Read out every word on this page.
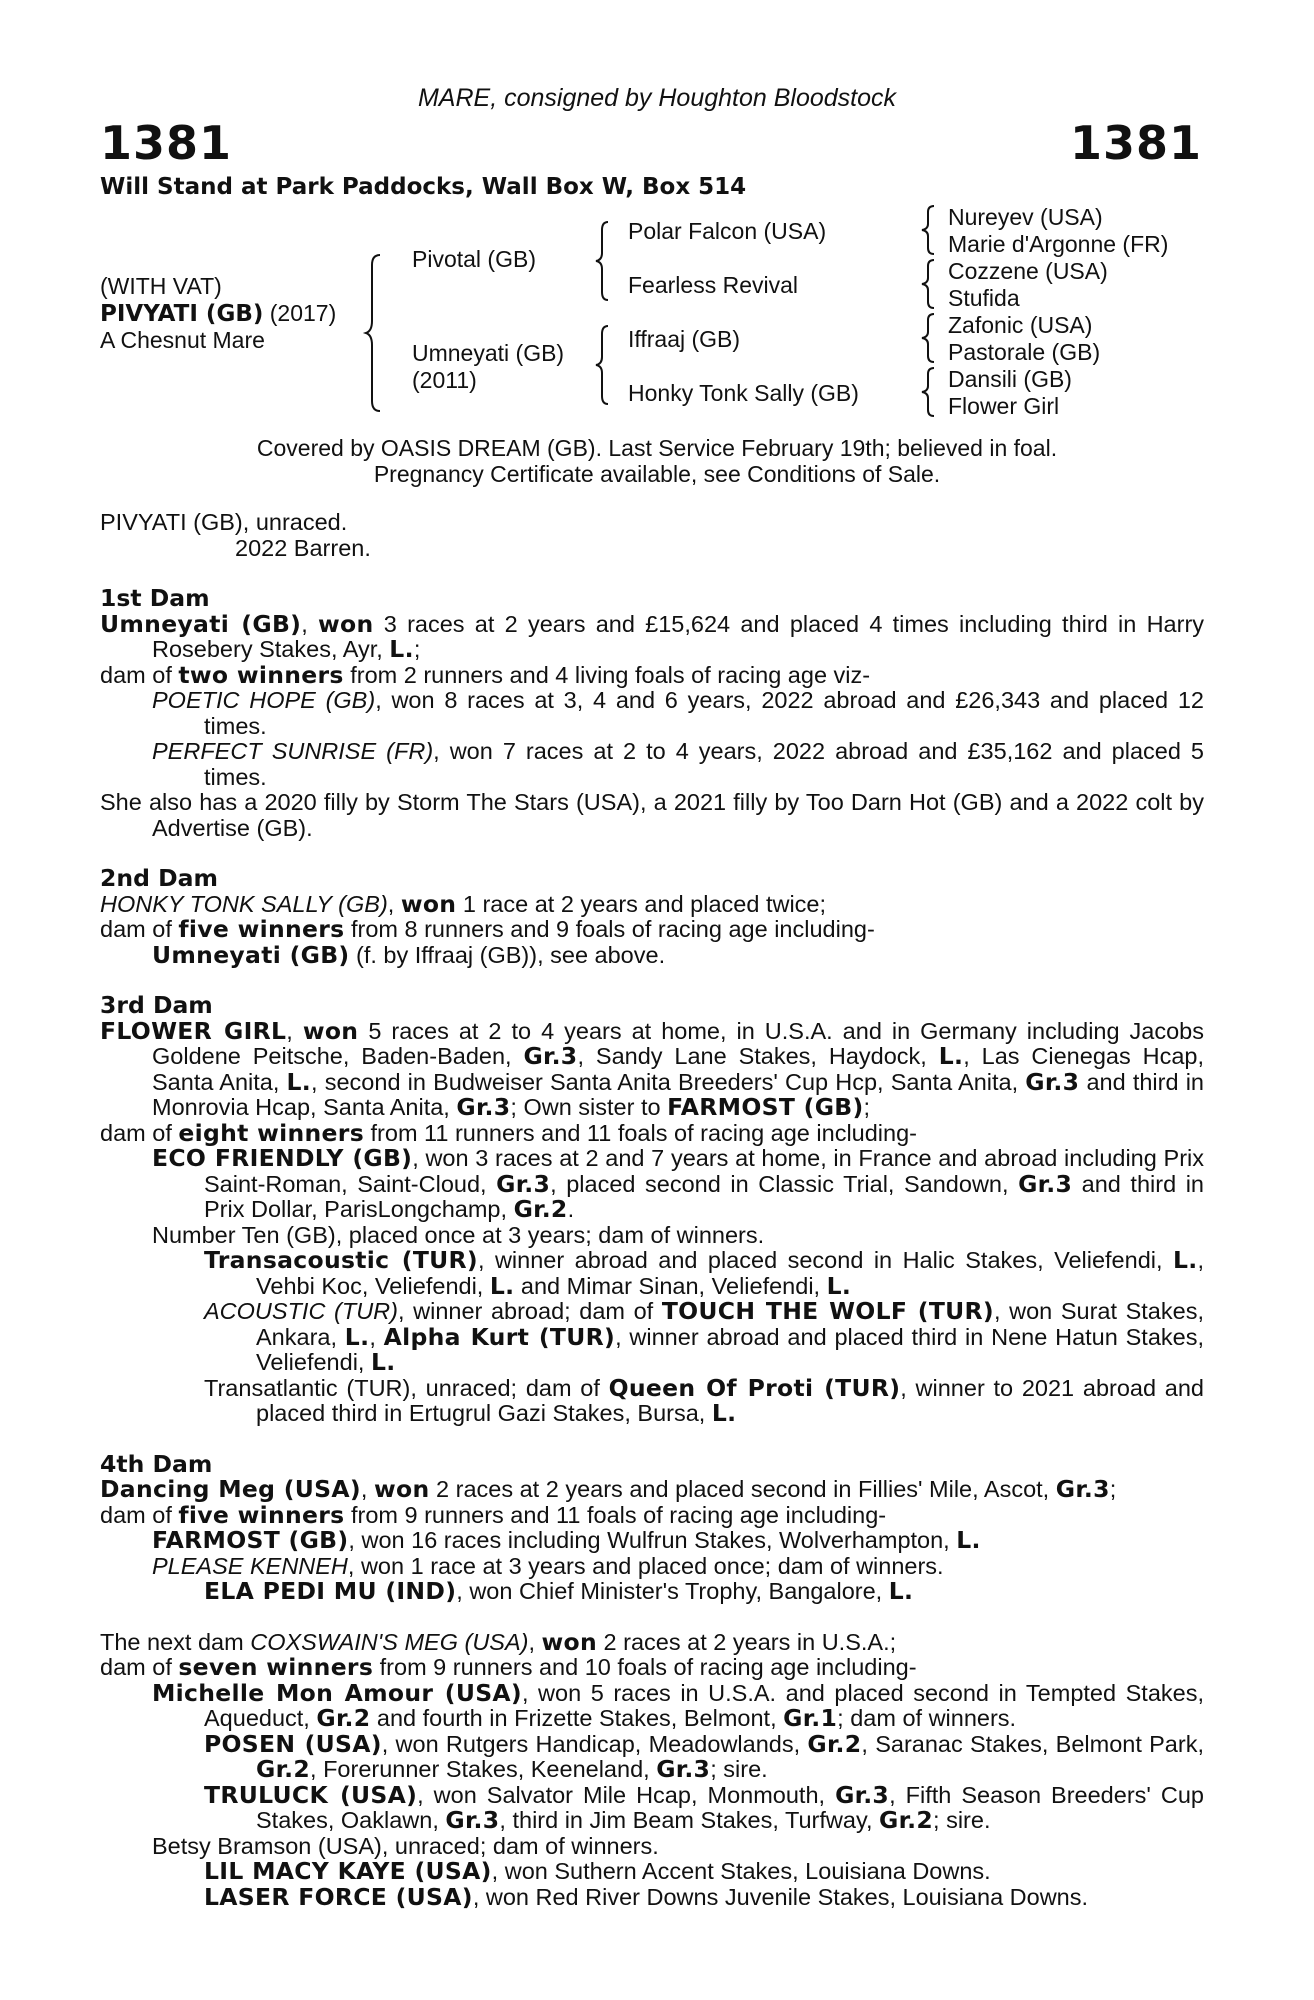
MARE, consigned by Houghton Bloodstock
1381	1381
Will Stand at Park Paddocks, Wall Box W, Box 514
(WITH VAT)
PIVYATI (GB) (2017)
A Chesnut Mare
Pivotal (GB)
Umneyati (GB)
(2011)
Polar Falcon (USA)
Fearless Revival
Iffraaj (GB)
Honky Tonk Sally (GB)
Nureyev (USA)
Marie d'Argonne (FR)
Cozzene (USA)
Stufida
Zafonic (USA)
Pastorale (GB)
Dansili (GB)
Flower Girl
Covered by OASIS DREAM (GB). Last Service February 19th; believed in foal.
Pregnancy Certificate available, see Conditions of Sale.

PIVYATI (GB), unraced.

2022 Barren.

1st Dam

Umneyati (GB), won 3 races at 2 years and £15,624 and placed 4 times including third in Harry Rosebery Stakes, Ayr, L.;

dam of two winners from 2 runners and 4 living foals of racing age viz-

POETIC HOPE (GB), won 8 races at 3, 4 and 6 years, 2022 abroad and £26,343 and placed 12 times.

PERFECT SUNRISE (FR), won 7 races at 2 to 4 years, 2022 abroad and £35,162 and placed 5 times.

She also has a 2020 filly by Storm The Stars (USA), a 2021 filly by Too Darn Hot (GB) and a 2022 colt by Advertise (GB).

2nd Dam

HONKY TONK SALLY (GB), won 1 race at 2 years and placed twice;

dam of five winners from 8 runners and 9 foals of racing age including-

Umneyati (GB) (f. by Iffraaj (GB)), see above.

3rd Dam

FLOWER GIRL, won 5 races at 2 to 4 years at home, in U.S.A. and in Germany including Jacobs Goldene Peitsche, Baden-Baden, Gr.3, Sandy Lane Stakes, Haydock, L., Las Cienegas Hcap, Santa Anita, L., second in Budweiser Santa Anita Breeders' Cup Hcp, Santa Anita, Gr.3 and third in Monrovia Hcap, Santa Anita, Gr.3; Own sister to FARMOST (GB);

dam of eight winners from 11 runners and 11 foals of racing age including-

ECO FRIENDLY (GB), won 3 races at 2 and 7 years at home, in France and abroad including Prix Saint-Roman, Saint-Cloud, Gr.3, placed second in Classic Trial, Sandown, Gr.3 and third in Prix Dollar, ParisLongchamp, Gr.2.

Number Ten (GB), placed once at 3 years; dam of winners.

Transacoustic (TUR), winner abroad and placed second in Halic Stakes, Veliefendi, L., Vehbi Koc, Veliefendi, L. and Mimar Sinan, Veliefendi, L.

ACOUSTIC (TUR), winner abroad; dam of TOUCH THE WOLF (TUR), won Surat Stakes, Ankara, L., Alpha Kurt (TUR), winner abroad and placed third in Nene Hatun Stakes, Veliefendi, L.

Transatlantic (TUR), unraced; dam of Queen Of Proti (TUR), winner to 2021 abroad and placed third in Ertugrul Gazi Stakes, Bursa, L.

4th Dam

Dancing Meg (USA), won 2 races at 2 years and placed second in Fillies' Mile, Ascot, Gr.3;

dam of five winners from 9 runners and 11 foals of racing age including-

FARMOST (GB), won 16 races including Wulfrun Stakes, Wolverhampton, L.

PLEASE KENNEH, won 1 race at 3 years and placed once; dam of winners.

ELA PEDI MU (IND), won Chief Minister's Trophy, Bangalore, L.

The next dam COXSWAIN'S MEG (USA), won 2 races at 2 years in U.S.A.;

dam of seven winners from 9 runners and 10 foals of racing age including-

Michelle Mon Amour (USA), won 5 races in U.S.A. and placed second in Tempted Stakes, Aqueduct, Gr.2 and fourth in Frizette Stakes, Belmont, Gr.1; dam of winners.

POSEN (USA), won Rutgers Handicap, Meadowlands, Gr.2, Saranac Stakes, Belmont Park, Gr.2, Forerunner Stakes, Keeneland, Gr.3; sire.

TRULUCK (USA), won Salvator Mile Hcap, Monmouth, Gr.3, Fifth Season Breeders' Cup Stakes, Oaklawn, Gr.3, third in Jim Beam Stakes, Turfway, Gr.2; sire.

Betsy Bramson (USA), unraced; dam of winners.

LIL MACY KAYE (USA), won Suthern Accent Stakes, Louisiana Downs.

LASER FORCE (USA), won Red River Downs Juvenile Stakes, Louisiana Downs.
